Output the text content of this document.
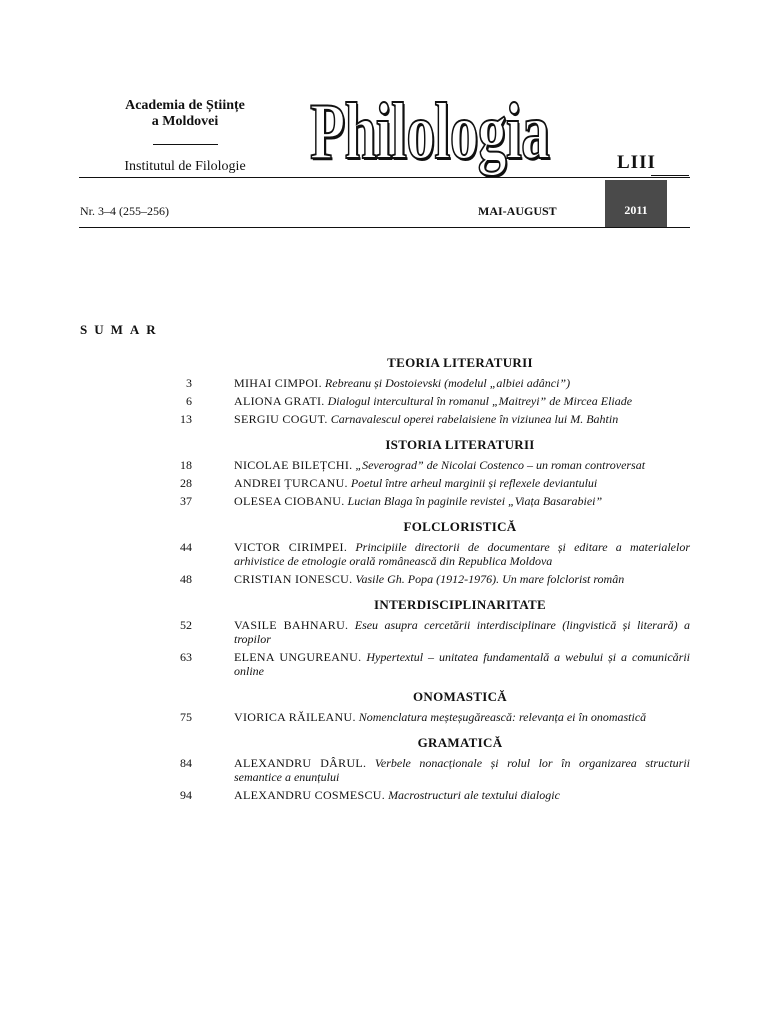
Academia de Științe
a Moldovei
Institutul de Filologie Philologia	LIII
Nr. 3–4 (255–256)	MAI-AUGUST	2011
SUMAR
TEORIA LITERATURII
3	MIHAI CIMPOI. Rebreanu și Dostoievski (modelul „albiei adânci”)
6	ALIONA GRATI. Dialogul intercultural în romanul „Maitreyi” de Mircea Eliade
13	SERGIU COGUT. Carnavalescul operei rabelaisiene în viziunea lui M. Bahtin
ISTORIA LITERATURII
18	NICOLAE BILEȚCHI. „Severograd” de Nicolai Costenco – un roman controversat
28	ANDREI ȚURCANU. Poetul între arheul marginii și reflexele deviantului
37	OLESEA CIOBANU. Lucian Blaga în paginile revistei „Viața Basarabiei”
FOLCLORISTICĂ
44	VICTOR CIRIMPEI. Principiile directorii de documentare și editare a materialelor arhivistice de etnologie orală românească din Republica Moldova
48	CRISTIAN IONESCU. Vasile Gh. Popa (1912-1976). Un mare folclorist român
INTERDISCIPLINARITATE
52	VASILE BAHNARU. Eseu asupra cercetării interdisciplinare (lingvistică și literară) a tropilor
63	ELENA UNGUREANU. Hypertextul – unitatea fundamentală a webului și a comunicării online
ONOMASTICĂ
75	VIORICA RĂILEANU. Nomenclatura meșteșugărească: relevanța ei în onomastică
GRAMATICĂ
84	ALEXANDRU DÂRUL. Verbele nonacționale și rolul lor în organizarea structurii semantice a enunțului
94	ALEXANDRU COSMESCU. Macrostructuri ale textului dialogic
